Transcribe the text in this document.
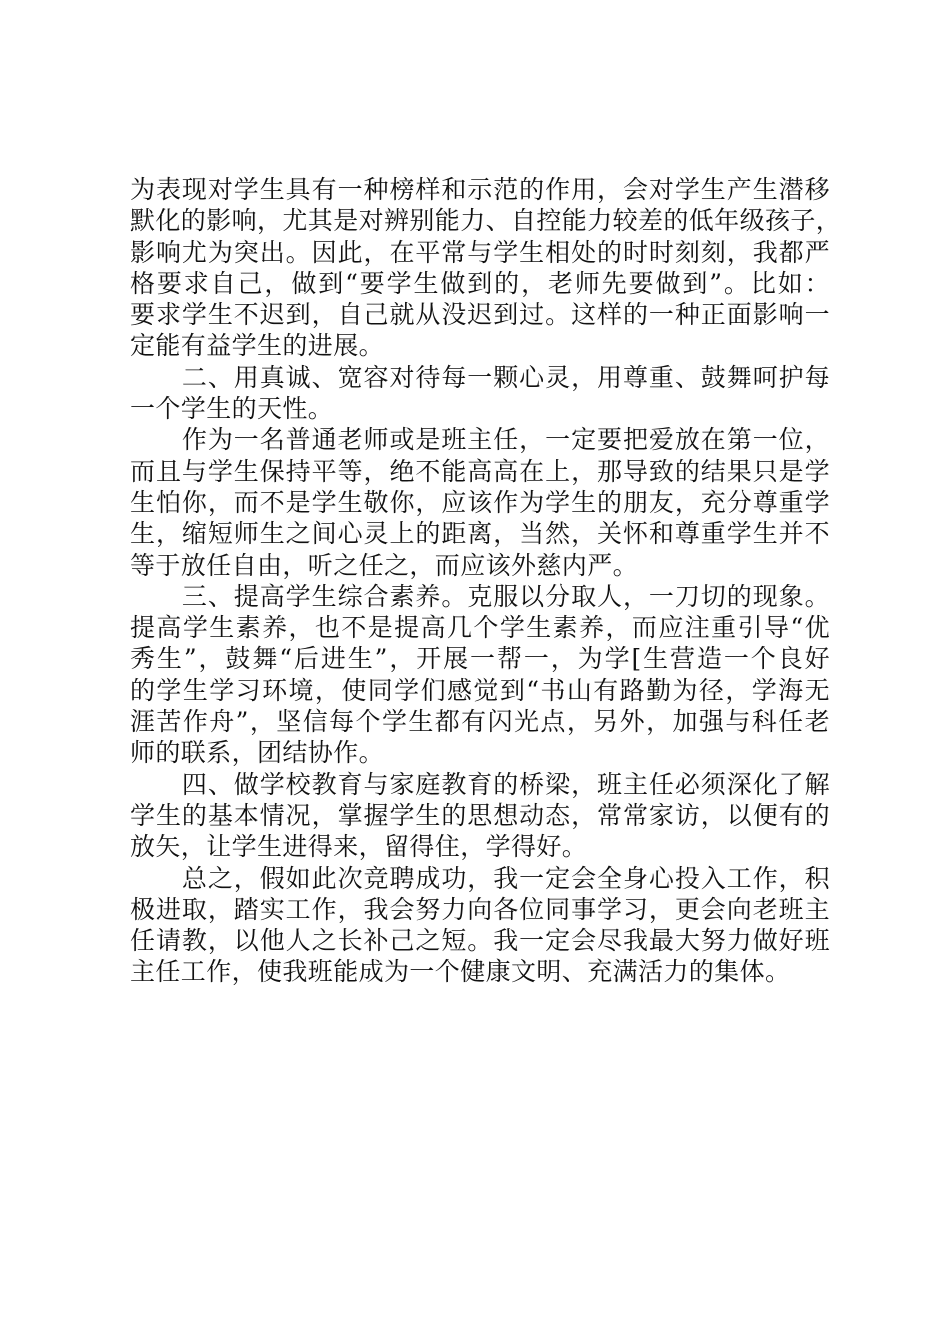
为表现对学生具有一种榜样和示范的作用，会对学生产生潜移
默化的影响，尤其是对辨别能力、自控能力较差的低年级孩子，
影响尤为突出。因此，在平常与学生相处的时时刻刻，我都严
格要求自己，做到“要学生做到的，老师先要做到”。比如：
要求学生不迟到，自己就从没迟到过。这样的一种正面影响一
定能有益学生的进展。
　　二、用真诚、宽容对待每一颗心灵，用尊重、鼓舞呵护每
一个学生的天性。
　　作为一名普通老师或是班主任，一定要把爱放在第一位，
而且与学生保持平等，绝不能高高在上，那导致的结果只是学
生怕你，而不是学生敬你，应该作为学生的朋友，充分尊重学
生，缩短师生之间心灵上的距离，当然，关怀和尊重学生并不
等于放任自由，听之任之，而应该外慈内严。
　　三、提高学生综合素养。克服以分取人，一刀切的现象。
提高学生素养，也不是提高几个学生素养，而应注重引导“优
秀生”，鼓舞“后进生”，开展一帮一，为学[生营造一个良好
的学生学习环境，使同学们感觉到“书山有路勤为径，学海无
涯苦作舟”，坚信每个学生都有闪光点，另外，加强与科任老
师的联系，团结协作。
　　四、做学校教育与家庭教育的桥梁，班主任必须深化了解
学生的基本情况，掌握学生的思想动态，常常家访，以便有的
放矢，让学生进得来，留得住，学得好。
　　总之，假如此次竞聘成功，我一定会全身心投入工作，积
极进取，踏实工作，我会努力向各位同事学习，更会向老班主
任请教，以他人之长补己之短。我一定会尽我最大努力做好班
主任工作，使我班能成为一个健康文明、充满活力的集体。
